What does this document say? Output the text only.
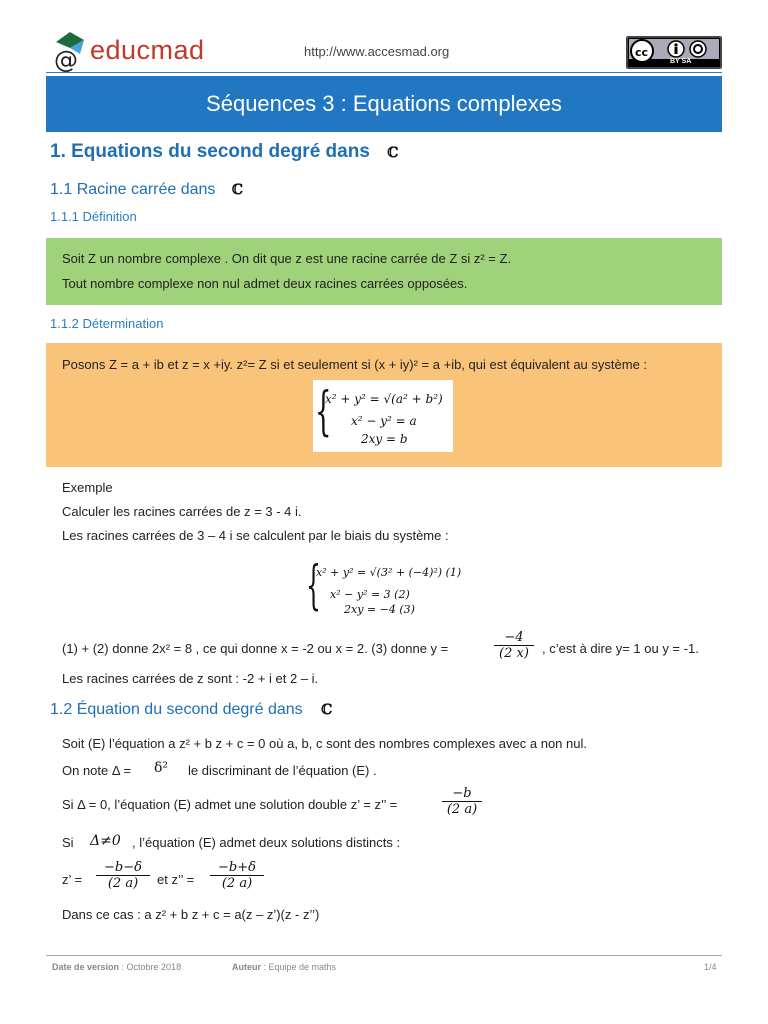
@ educmad	http://www.accesmad.org	cc
BY SA
Séquences 3 : Equations complexes
1. Equations du second degré dans ℂ
1.1 Racine carrée dans ℂ
1.1.1 Définition
Soit Z un nombre complexe . On dit que z est une racine carrée de Z si z² = Z.
Tout nombre complexe non nul admet deux racines carrées opposées.
1.1.2 Détermination
Posons Z = a + ib et z = x +iy. z²= Z si et seulement si (x + iy)² = a +ib, qui est équivalent au système :
{
x² + y² = √(a² + b²)
x² − y² = a
2xy = b
Exemple
Calculer les racines carrées de z = 3 - 4 i.
Les racines carrées de 3 – 4 i se calculent par le biais du système :
{
x² + y² = √(3² + (−4)²) (1)
x² − y² = 3 (2)
2xy = −4 (3)
(1) + (2) donne 2x² = 8 , ce qui donne x = -2 ou x = 2. (3) donne y =	$\frac{-4}{(2 x)}$ , c’est à dire y= 1 ou y = -1.
Les racines carrées de z sont : -2 + i et 2 – i.
1.2 Équation du second degré dans ℂ
Soit (E) l’équation a z² + b z + c = 0 où a, b, c sont des nombres complexes avec a non nul.
On note Δ = δ² le discriminant de l’équation (E) .
Si Δ = 0, l’équation (E) admet une solution double z’ = z’’ =	$\frac{-b}{(2 a)}$
Si Δ≠0 , l’équation (E) admet deux solutions distincts :
z’ = $\frac{-b-\delta}{(2 a)}$ et z’’ = $\frac{-b+\delta}{(2 a)}$
Dans ce cas : a z² + b z + c = a(z – z’)(z - z’’)
Date de version : Octobre 2018	Auteur : Equipe de maths	1/4
